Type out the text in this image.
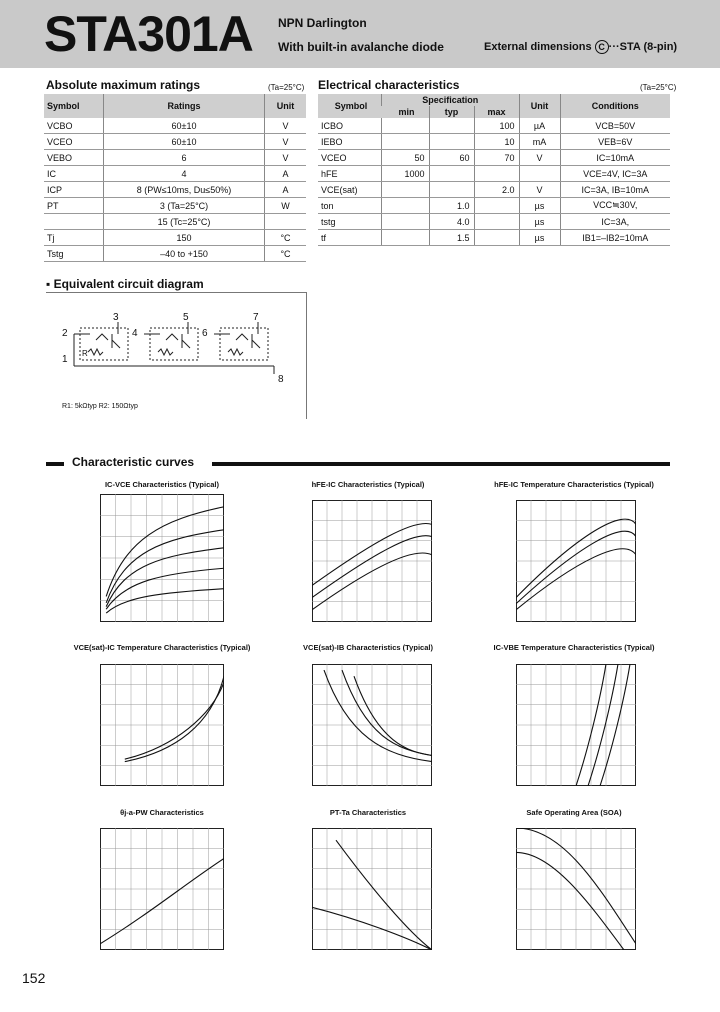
STA301A NPN Darlington
With built-in avalanche diode	External dimensions C ···STA (8-pin)
Absolute maximum ratings	(Ta=25°C)
Symbol	Ratings	Unit
VCBO	60±10	V
VCEO	60±10	V
VEBO	6	V
IC	4	A
ICP	8 (PW≤10ms, Du≤50%)	A
PT	3 (Ta=25°C)	W
	15 (Tc=25°C)	
Tj	150	°C
Tstg	–40 to +150	°C
Electrical characteristics	(Ta=25°C)
Symbol	Specification			Unit	Conditions
	min	typ	max		
ICBO			100	µA	VCB=50V
IEBO			10	mA	VEB=6V
VCEO	50	60	70	V	IC=10mA
hFE	1000				VCE=4V, IC=3A
VCE(sat)			2.0	V	IC=3A, IB=10mA
ton		1.0		µs	VCC≒30V,
tstg		4.0		µs	IC=3A,
tf		1.5		µs	IB1=–IB2=10mA
▪ Equivalent circuit diagram
2
3
4
5
6
7
1
8
R
R1: 5kΩtyp R2: 150Ωtyp
Characteristic curves
IC-VCE Characteristics (Typical)	hFE-IC Characteristics (Typical)	hFE-IC Temperature Characteristics (Typical)
VCE(sat)-IC Temperature Characteristics (Typical)	VCE(sat)-IB Characteristics (Typical)	IC-VBE Temperature Characteristics (Typical)
θj-a-PW Characteristics	PT-Ta Characteristics	Safe Operating Area (SOA)
152
